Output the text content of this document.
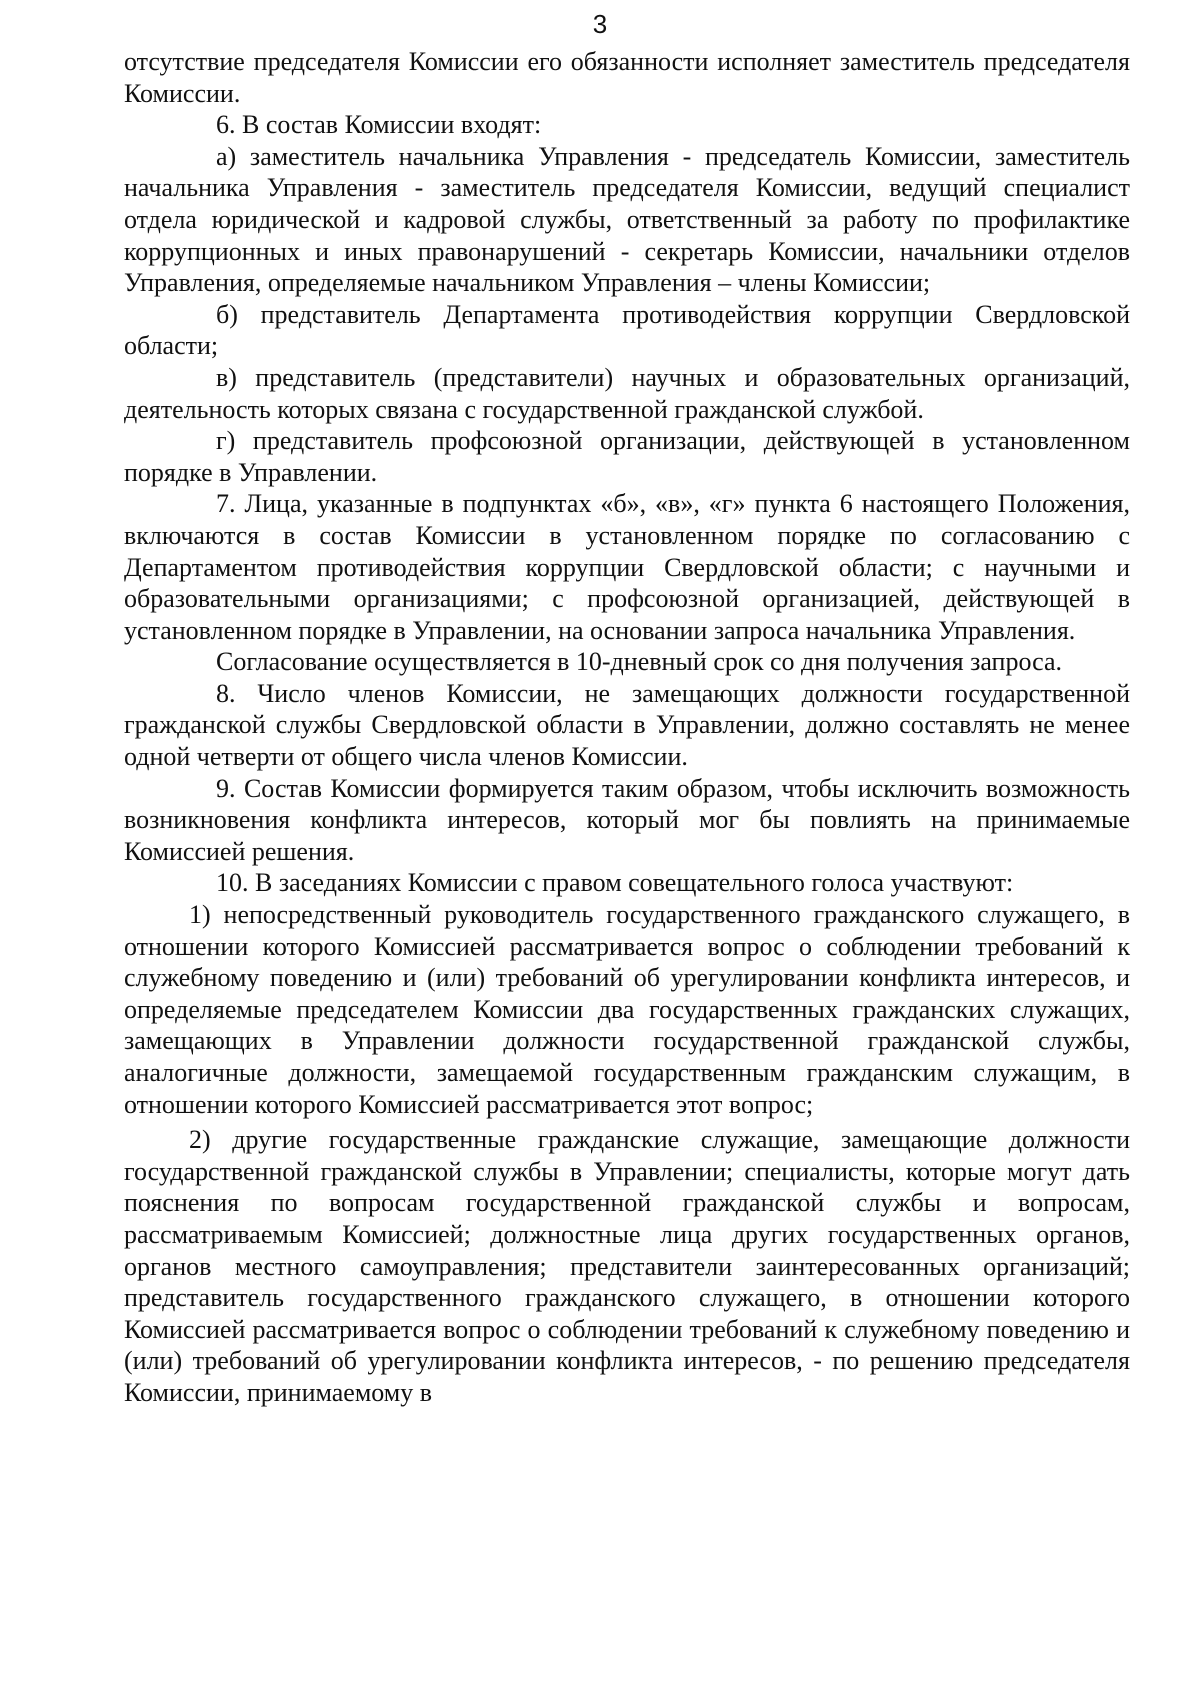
3

отсутствие председателя Комиссии его обязанности исполняет заместитель председателя Комиссии.

6. В состав Комиссии входят:

а) заместитель начальника Управления - председатель Комиссии, заместитель начальника Управления - заместитель председателя Комиссии, ведущий специалист отдела юридической и кадровой службы, ответственный за работу по профилактике коррупционных и иных правонарушений - секретарь Комиссии, начальники отделов Управления, определяемые начальником Управления – члены Комиссии;

б) представитель Департамента противодействия коррупции Свердловской области;

в) представитель (представители) научных и образовательных организаций, деятельность которых связана с государственной гражданской службой.

г) представитель профсоюзной организации, действующей в установленном порядке в Управлении.

7. Лица, указанные в подпунктах «б», «в», «г» пункта 6 настоящего Положения, включаются в состав Комиссии в установленном порядке по согласованию с Департаментом противодействия коррупции Свердловской области; с научными и образовательными организациями; с профсоюзной организацией, действующей в установленном порядке в Управлении, на основании запроса начальника Управления.

Согласование осуществляется в 10-дневный срок со дня получения запроса.

8. Число членов Комиссии, не замещающих должности государственной гражданской службы Свердловской области в Управлении, должно составлять не менее одной четверти от общего числа членов Комиссии.

9. Состав Комиссии формируется таким образом, чтобы исключить возможность возникновения конфликта интересов, который мог бы повлиять на принимаемые Комиссией решения.

10. В заседаниях Комиссии с правом совещательного голоса участвуют:

1) непосредственный руководитель государственного гражданского служащего, в отношении которого Комиссией рассматривается вопрос о соблюдении требований к служебному поведению и (или) требований об урегулировании конфликта интересов, и определяемые председателем Комиссии два государственных гражданских служащих, замещающих в Управлении должности государственной гражданской службы, аналогичные должности, замещаемой государственным гражданским служащим, в отношении которого Комиссией рассматривается этот вопрос;

2) другие государственные гражданские служащие, замещающие должности государственной гражданской службы в Управлении; специалисты, которые могут дать пояснения по вопросам государственной гражданской службы и вопросам, рассматриваемым Комиссией; должностные лица других государственных органов, органов местного самоуправления; представители заинтересованных организаций; представитель государственного гражданского служащего, в отношении которого Комиссией рассматривается вопрос о соблюдении требований к служебному поведению и (или) требований об урегулировании конфликта интересов, - по решению председателя Комиссии, принимаемому в
